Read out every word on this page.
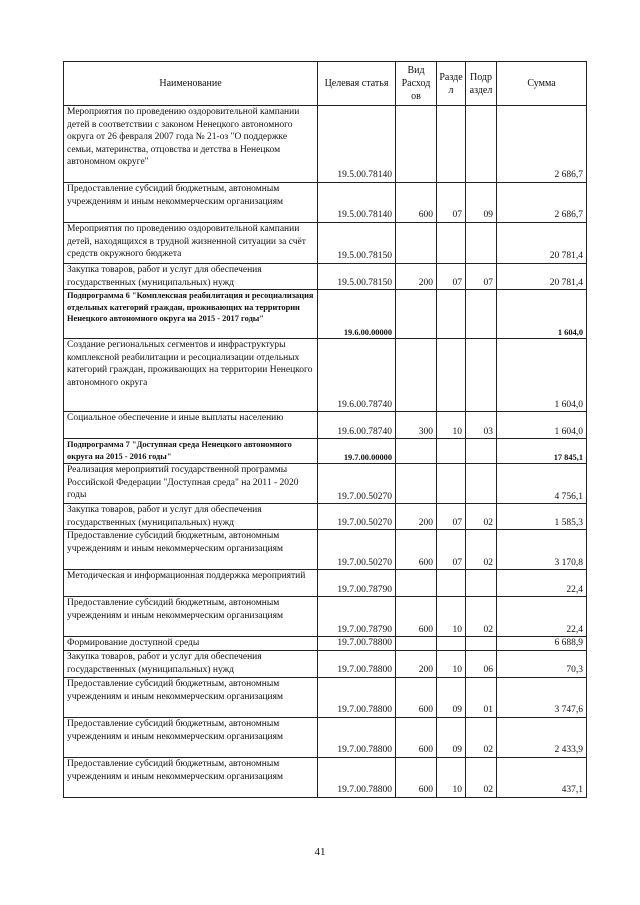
Наименование	Целевая статья	Вид Расход ов	Разде л	Подр аздел	Сумма
Мероприятия по проведению оздоровительной кампании детей в соответствии с законом Ненецкого автономного округа от 26 февраля 2007 года № 21-оз "О поддержке семьи, материнства, отцовства и детства в Ненецком автономном округе"	19.5.00.78140				2 686,7
Предоставление субсидий бюджетным, автономным учреждениям и иным некоммерческим организациям	19.5.00.78140	600	07	09	2 686,7
Мероприятия по проведению оздоровительной кампании детей, находящихся в трудной жизненной ситуации за счёт средств окружного бюджета	19.5.00.78150				20 781,4
Закупка товаров, работ и услуг для обеспечения государственных (муниципальных) нужд	19.5.00.78150	200	07	07	20 781,4
Подпрограмма 6 "Комплексная реабилитация и ресоциализация отдельных категорий граждан, проживающих на территории Ненецкого автономного округа на 2015 - 2017 годы"	19.6.00.00000				1 604,0
Создание региональных сегментов и инфраструктуры комплексной реабилитации и ресоциализации отдельных категорий граждан, проживающих на территории Ненецкого автономного округа	19.6.00.78740				1 604,0
Социальное обеспечение и иные выплаты населению	19.6.00.78740	300	10	03	1 604,0
Подпрограмма 7 "Доступная среда Ненецкого автономного округа на 2015 - 2016 годы"	19.7.00.00000				17 845,1
Реализация мероприятий государственной программы Российской Федерации "Доступная среда" на 2011 - 2020 годы	19.7.00.50270				4 756,1
Закупка товаров, работ и услуг для обеспечения государственных (муниципальных) нужд	19.7.00.50270	200	07	02	1 585,3
Предоставление субсидий бюджетным, автономным учреждениям и иным некоммерческим организациям	19.7.00.50270	600	07	02	3 170,8
Методическая и информационная поддержка мероприятий	19.7.00.78790				22,4
Предоставление субсидий бюджетным, автономным учреждениям и иным некоммерческим организациям	19.7.00.78790	600	10	02	22,4
Формирование доступной среды	19.7.00.78800				6 688,9
Закупка товаров, работ и услуг для обеспечения государственных (муниципальных) нужд	19.7.00.78800	200	10	06	70,3
Предоставление субсидий бюджетным, автономным учреждениям и иным некоммерческим организациям	19.7.00.78800	600	09	01	3 747,6
Предоставление субсидий бюджетным, автономным учреждениям и иным некоммерческим организациям	19.7.00.78800	600	09	02	2 433,9
Предоставление субсидий бюджетным, автономным учреждениям и иным некоммерческим организациям	19.7.00.78800	600	10	02	437,1
41
